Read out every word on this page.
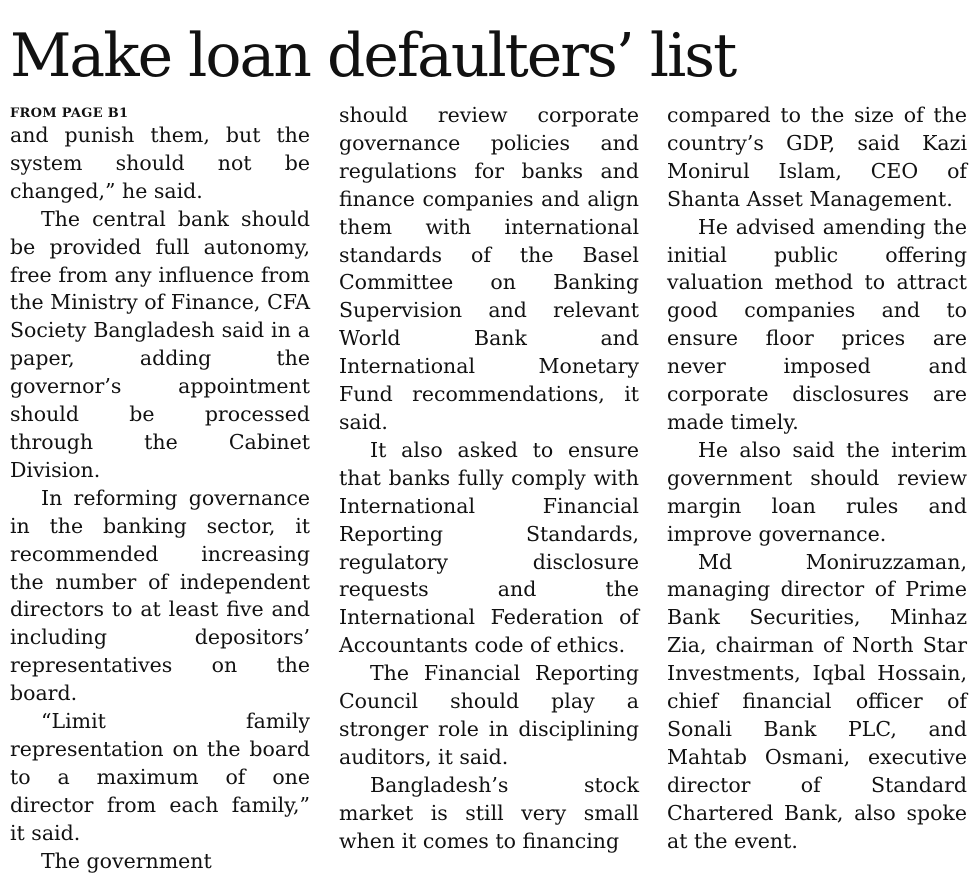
Make loan defaulters’ list
FROM PAGE B1

and punish them, but the system should not be changed,” he said.

The central bank should be provided full autonomy, free from any influence from the Ministry of Finance, CFA Society Bangladesh said in a paper, adding the governor’s appointment should be processed through the Cabinet Division.

In reforming governance in the banking sector, it recommended increasing the number of independent directors to at least five and including depositors’ representatives on the board.

“Limit family representation on the board to a maximum of one director from each family,” it said.

The government

should review corporate governance policies and regulations for banks and finance companies and align them with international standards of the Basel Committee on Banking Supervision and relevant World Bank and International Monetary Fund recommendations, it said.

It also asked to ensure that banks fully comply with International Financial Reporting Standards, regulatory disclosure requests and the International Federation of Accountants code of ethics.

The Financial Reporting Council should play a stronger role in disciplining auditors, it said.

Bangladesh’s stock market is still very small when it comes to financing

compared to the size of the country’s GDP, said Kazi Monirul Islam, CEO of Shanta Asset Management.

He advised amending the initial public offering valuation method to attract good companies and to ensure floor prices are never imposed and corporate disclosures are made timely.

He also said the interim government should review margin loan rules and improve governance.

Md Moniruzzaman, managing director of Prime Bank Securities, Minhaz Zia, chairman of North Star Investments, Iqbal Hossain, chief financial officer of Sonali Bank PLC, and Mahtab Osmani, executive director of Standard Chartered Bank, also spoke at the event.
